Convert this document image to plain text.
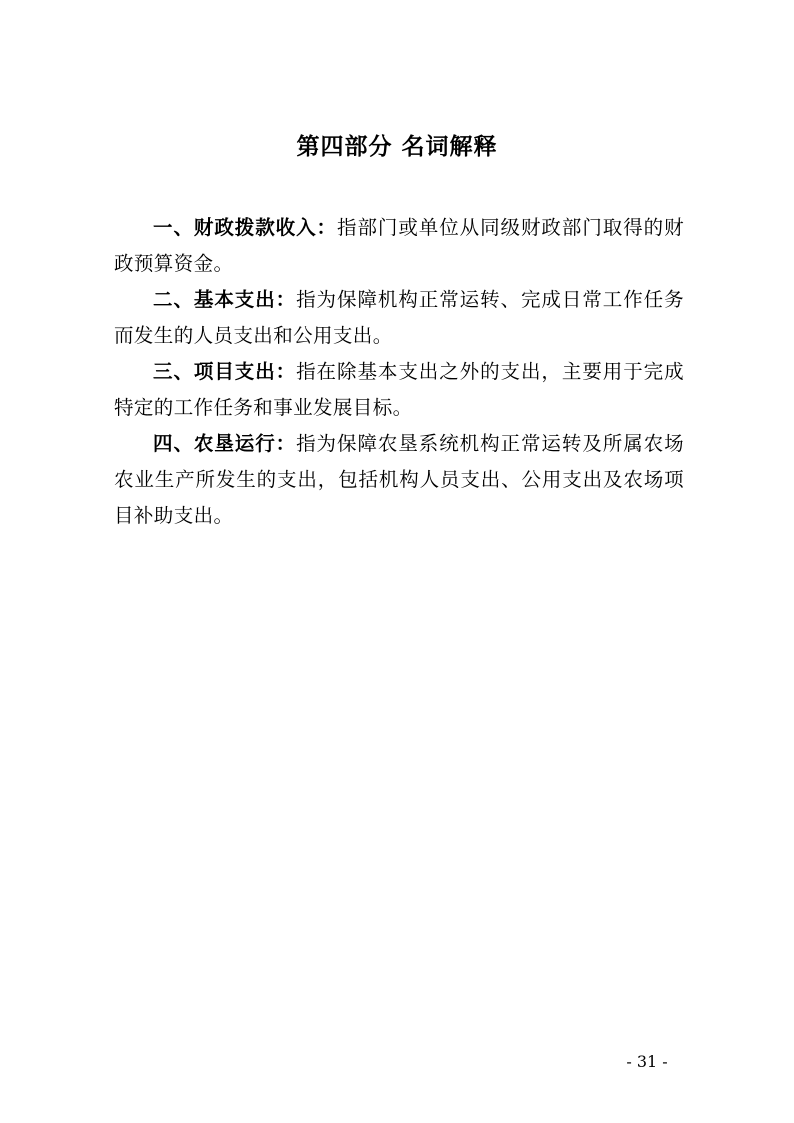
第四部分 名词解释

一、财政拨款收入：指部门或单位从同级财政部门取得的财政预算资金。

二、基本支出：指为保障机构正常运转、完成日常工作任务而发生的人员支出和公用支出。

三、项目支出：指在除基本支出之外的支出，主要用于完成特定的工作任务和事业发展目标。

四、农垦运行：指为保障农垦系统机构正常运转及所属农场农业生产所发生的支出，包括机构人员支出、公用支出及农场项目补助支出。

- 31 -
